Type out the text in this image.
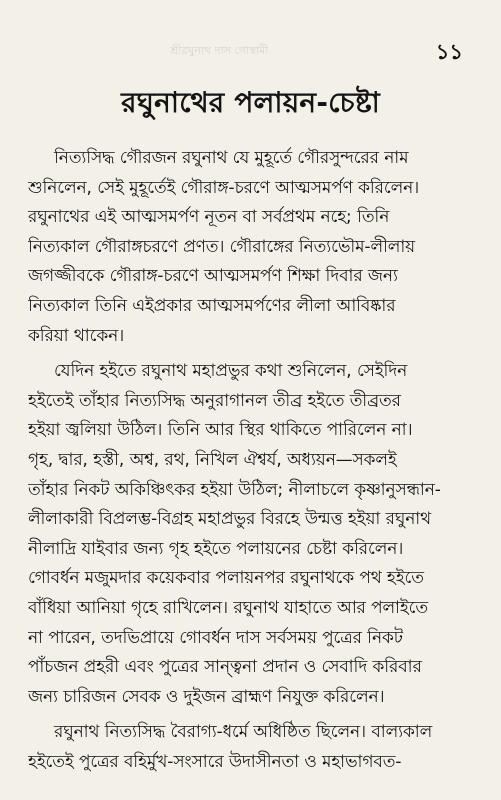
শ্রীরঘুনাথ দাস গোস্বামী	১১
রঘুনাথের পলায়ন-চেষ্টা
নিত্যসিদ্ধ গৌরজন রঘুনাথ যে মুহূর্তে গৌরসুন্দরের নাম
শুনিলেন, সেই মুহূর্তেই গৌরাঙ্গ-চরণে আত্মসমর্পণ করিলেন।
রঘুনাথের এই আত্মসমর্পণ নূতন বা সর্বপ্রথম নহে; তিনি
নিত্যকাল গৌরাঙ্গচরণে প্রণত। গৌরাঙ্গের নিত্যভৌম-লীলায়
জগজ্জীবকে গৌরাঙ্গ-চরণে আত্মসমর্পণ শিক্ষা দিবার জন্য
নিত্যকাল তিনি এইপ্রকার আত্মসমর্পণের লীলা আবিষ্কার
করিয়া থাকেন।
যেদিন হইতে রঘুনাথ মহাপ্রভুর কথা শুনিলেন, সেইদিন
হইতেই তাঁহার নিত্যসিদ্ধ অনুরাগানল তীব্র হইতে তীব্রতর
হইয়া জ্বলিয়া উঠিল। তিনি আর স্থির থাকিতে পারিলেন না।
গৃহ, দ্বার, হস্তী, অশ্ব, রথ, নিখিল ঐশ্বর্য, অধ্যয়ন—সকলই
তাঁহার নিকট অকিঞ্চিৎকর হইয়া উঠিল; নীলাচলে কৃষ্ণানুসন্ধান-
লীলাকারী বিপ্রলম্ভ-বিগ্রহ মহাপ্রভুর বিরহে উন্মত্ত হইয়া রঘুনাথ
নীলাদ্রি যাইবার জন্য গৃহ হইতে পলায়নের চেষ্টা করিলেন।
গোবর্ধন মজুমদার কয়েকবার পলায়নপর রঘুনাথকে পথ হইতে
বাঁধিয়া আনিয়া গৃহে রাখিলেন। রঘুনাথ যাহাতে আর পলাইতে
না পারেন, তদভিপ্রায়ে গোবর্ধন দাস সর্বসময় পুত্রের নিকট
পাঁচজন প্রহরী এবং পুত্রের সান্ত্বনা প্রদান ও সেবাদি করিবার
জন্য চারিজন সেবক ও দুইজন ব্রাহ্মণ নিযুক্ত করিলেন।
রঘুনাথ নিত্যসিদ্ধ বৈরাগ্য-ধর্মে অধিষ্ঠিত ছিলেন। বাল্যকাল
হইতেই পুত্রের বহির্মুখ-সংসারে উদাসীনতা ও মহাভাগবত-
